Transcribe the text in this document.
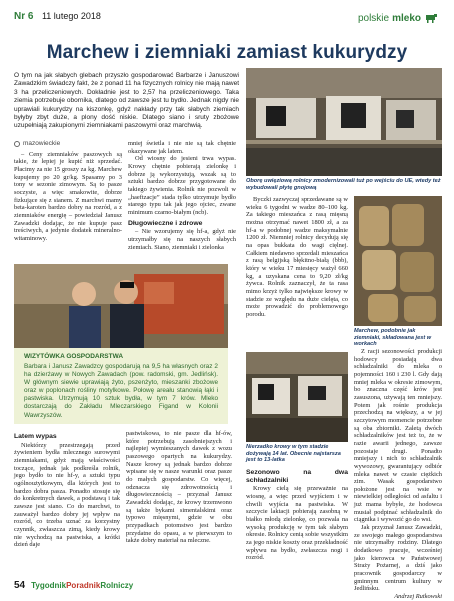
Nr 6 11 lutego 2018	polskie mleko
Marchew i ziemniaki zamiast kukurydzy
O tym na jak słabych glebach przyszło gospodarować Barbarze i Januszowi Zawadzkim świadczy fakt, że z ponad 11 ha fizycznych rolnicy nie mają nawet 3 ha przeliczeniowych. Dokładnie jest to 2,57 ha przeliczeniowego. Taka ziemia potrzebuje obornika, dlatego od zawsze jest tu bydło. Jednak nigdy nie uprawiali kukurydzy na kiszonkę, gdyż nakłady przy tak słabych ziemiach byłyby zbyt duże, a plony dość niskie. Dlatego siano i sruty zbożowe uzupełniają zakupionymi ziemniakami paszowymi oraz marchwią.
mazowieckie

– Ceny ziemniaków paszowych są takie, że lepiej je kupić niż sprzedać. Płacimy za nie 15 groszy za kg. Marchew kupujemy po 20 gr/kg. Spasamy po 3 tony w sezonie zimowym. Są to pasze soczyste, a więc smakowite, dobrze fizkujące się z sianem. Z marchwi mamy beta-karoten bardzo dobry na rozród, a z ziemniaków energię – powiedział Janusz Zawadzki dodając, że nie kupuje pasz treściwych, a jedynie dodatek mineralno-witaminowy.

mniej świetla i nie nie są tak chętnie okazywane jak latem.

Od wiosny do jesieni trwa wypas. Krowy chętnie pobierają zielonkę i dobrze ją wykorzystują, wszak są to sztuki bardzo dobrze przygotowane do takiego żywienia. Rolnik nie pozwoli w „haeftzacje” stada tylko utrzymuje bydło starego typu tak jak jego ojciec, zwane minimum czarno-białym (ncb).

Długowieczne i zdrowe

– Nie wzorujemy się hf-a, gdyż nie utrzymałby się na naszych słabych ziemiach. Siano, ziemniaki i zielonka

Oborę uwięziową rolnicy zmodernizowali tuż po wejściu do UE, wtedy też wybudowali płytę gnojową

Byczki zazwyczaj sprzedawane są w wieku 6 tygodni w wadze 80–100 kg. Za takiego mieszańca z rasą mięsną można otrzymać nawet 1800 zł, a za hf-a w podobnej wadze maksymalnie 1200 zł. Niemniej rolnicy decydują się na opas bukkata do wagi cięlnej. Całkiem niedawno sprzedali mieszańca z rasą belgijską błękitno-białą (bbb), który w wieku 17 miesięcy ważył 660 kg, a uzyskana cena to 9,20 zł/kg żywca. Rolnik zaznaczył, że ta rasa mimo krzyż tylko największe krowy w stadzie ze względu na duże cielęta, co może prowadzić do problemowego porodu.

Marchew, podobnie jak ziemniaki, składowana jest w workach
WIZYTÓWKA GOSPODARSTWA
Barbara i Janusz Zawadzcy gospodarują na 9,5 ha własnych oraz 2 ha dzierżawy w Nowych Zawadach (pow. radomski, gm. Jedlińsk). W głównym siewie uprawiają żyto, pszenżyto, mieszanki zbożowe oraz w poplonach rośliny motylkowe. Połowę areału stanowią łąki i pastwiska. Utrzymują 10 sztuk bydła, w tym 7 krów. Mleko dostarczają do Zakładu Mleczarskiego Figand w Kolonii Wawrzyszów.
Latem wypas

Niektórzy przestrzegają przed żywieniem bydła mlecznego surowymi ziemniakami, gdyż mają właściwości toczące, jednak jak podkreśla rolnik, jego bydło to nie hf-y, a sztuki typu ogólnoużytkowym, dla których jest to bardzo dobra pasza. Ponadto stosuje się do konkretnych dawek, a podstawą i tak zawsze jest siano. Co do marchwi, to zauważył bardzo dobry jej wpływ na rozród, co trzeba uznać za korzystny czynnik, zwłaszcza zimą, kiedy krowy nie wychodzą na pastwiska, a krótki dzień daje

pastwiskowa, to nie pasze dla hf-ów, które potrzebują zasobniejszych i najlepiej wymieszanych dawek z wozu paszowego opartych na kukurydzy. Nasze krowy są jednak bardzo dobrze wpisane się w nasze warunki oraz pasze do małych gospodarstw. Co więcej, odznacza się zdrowotnością i długowiecznością – przyznał Janusz Zawadzki dodając, że krowy trzemwono są także bykami simentalskimi oraz typowo mięsnymi, gdzie w obu przypadkach potomstwo jest bardzo przydatne do opasu, a w pierwszym to także dobry materiał na mleczne.

Nierzadko krowy w tym stadzie dożywają 14 lat. Obecnie najstarsza jest to 13-latka
Sezonowo na dwa schładzalniki

Krowy cielą się przeważnie na wiosnę, a więc przed wyjściem i w chwili wyjścia na pastwiska. W szczycie laktacji pobierają zasobną w białko młodą zielonkę, co pozwala na wysoką produkcję w tym tak słabym okresie. Rolnicy cenią sobie wszystkim za jego niskie koszty oraz przekładność wpływu na bydło, zwłaszcza nogi i rozród.

Z racji sezonowości produkcji hodowcy posiadają dwa schładzalniki do mleka o pojemności 160 i 230 l. Gdy dają mniej mleka w okresie zimowym, bo znaczna część krów jest zasuszona, używają ten mniejszy. Potem jak rośnie produkcja przechodzą na większy, a w jej szczytowym momencie potrzebne są oba zbiorniki. Zaletą dwóch schładzalników jest też to, że w razie awarii jednego, zawsze pozostaje drugi. Ponadto mniejszy i nich to schładzalnik wywozowy, gwarantujący odbiór mleka nawet w czasie ciężkich zim. Wasak gospodarstwo położone jest na wsie w niewielkiej odległości od asfaltu i już mama bybyłe, że hodowca musiał podpinać schładzalnik do ciągnika i wywozić go do wsi.

Jak przyznał Janusz Zawadzki, ze swojego małego gospodarstwa nie utrzymałby rodziny. Dlatego dodatkowo pracuje, wcześniej jako kierowca w Państwowej Straży Pożarnej, a dziś jako pracownik gospodarczy w gminnym centrum kultury w Jedlińsku.

Andrzej Rutkowski

54 TygodnikPoradnikRolniczy
